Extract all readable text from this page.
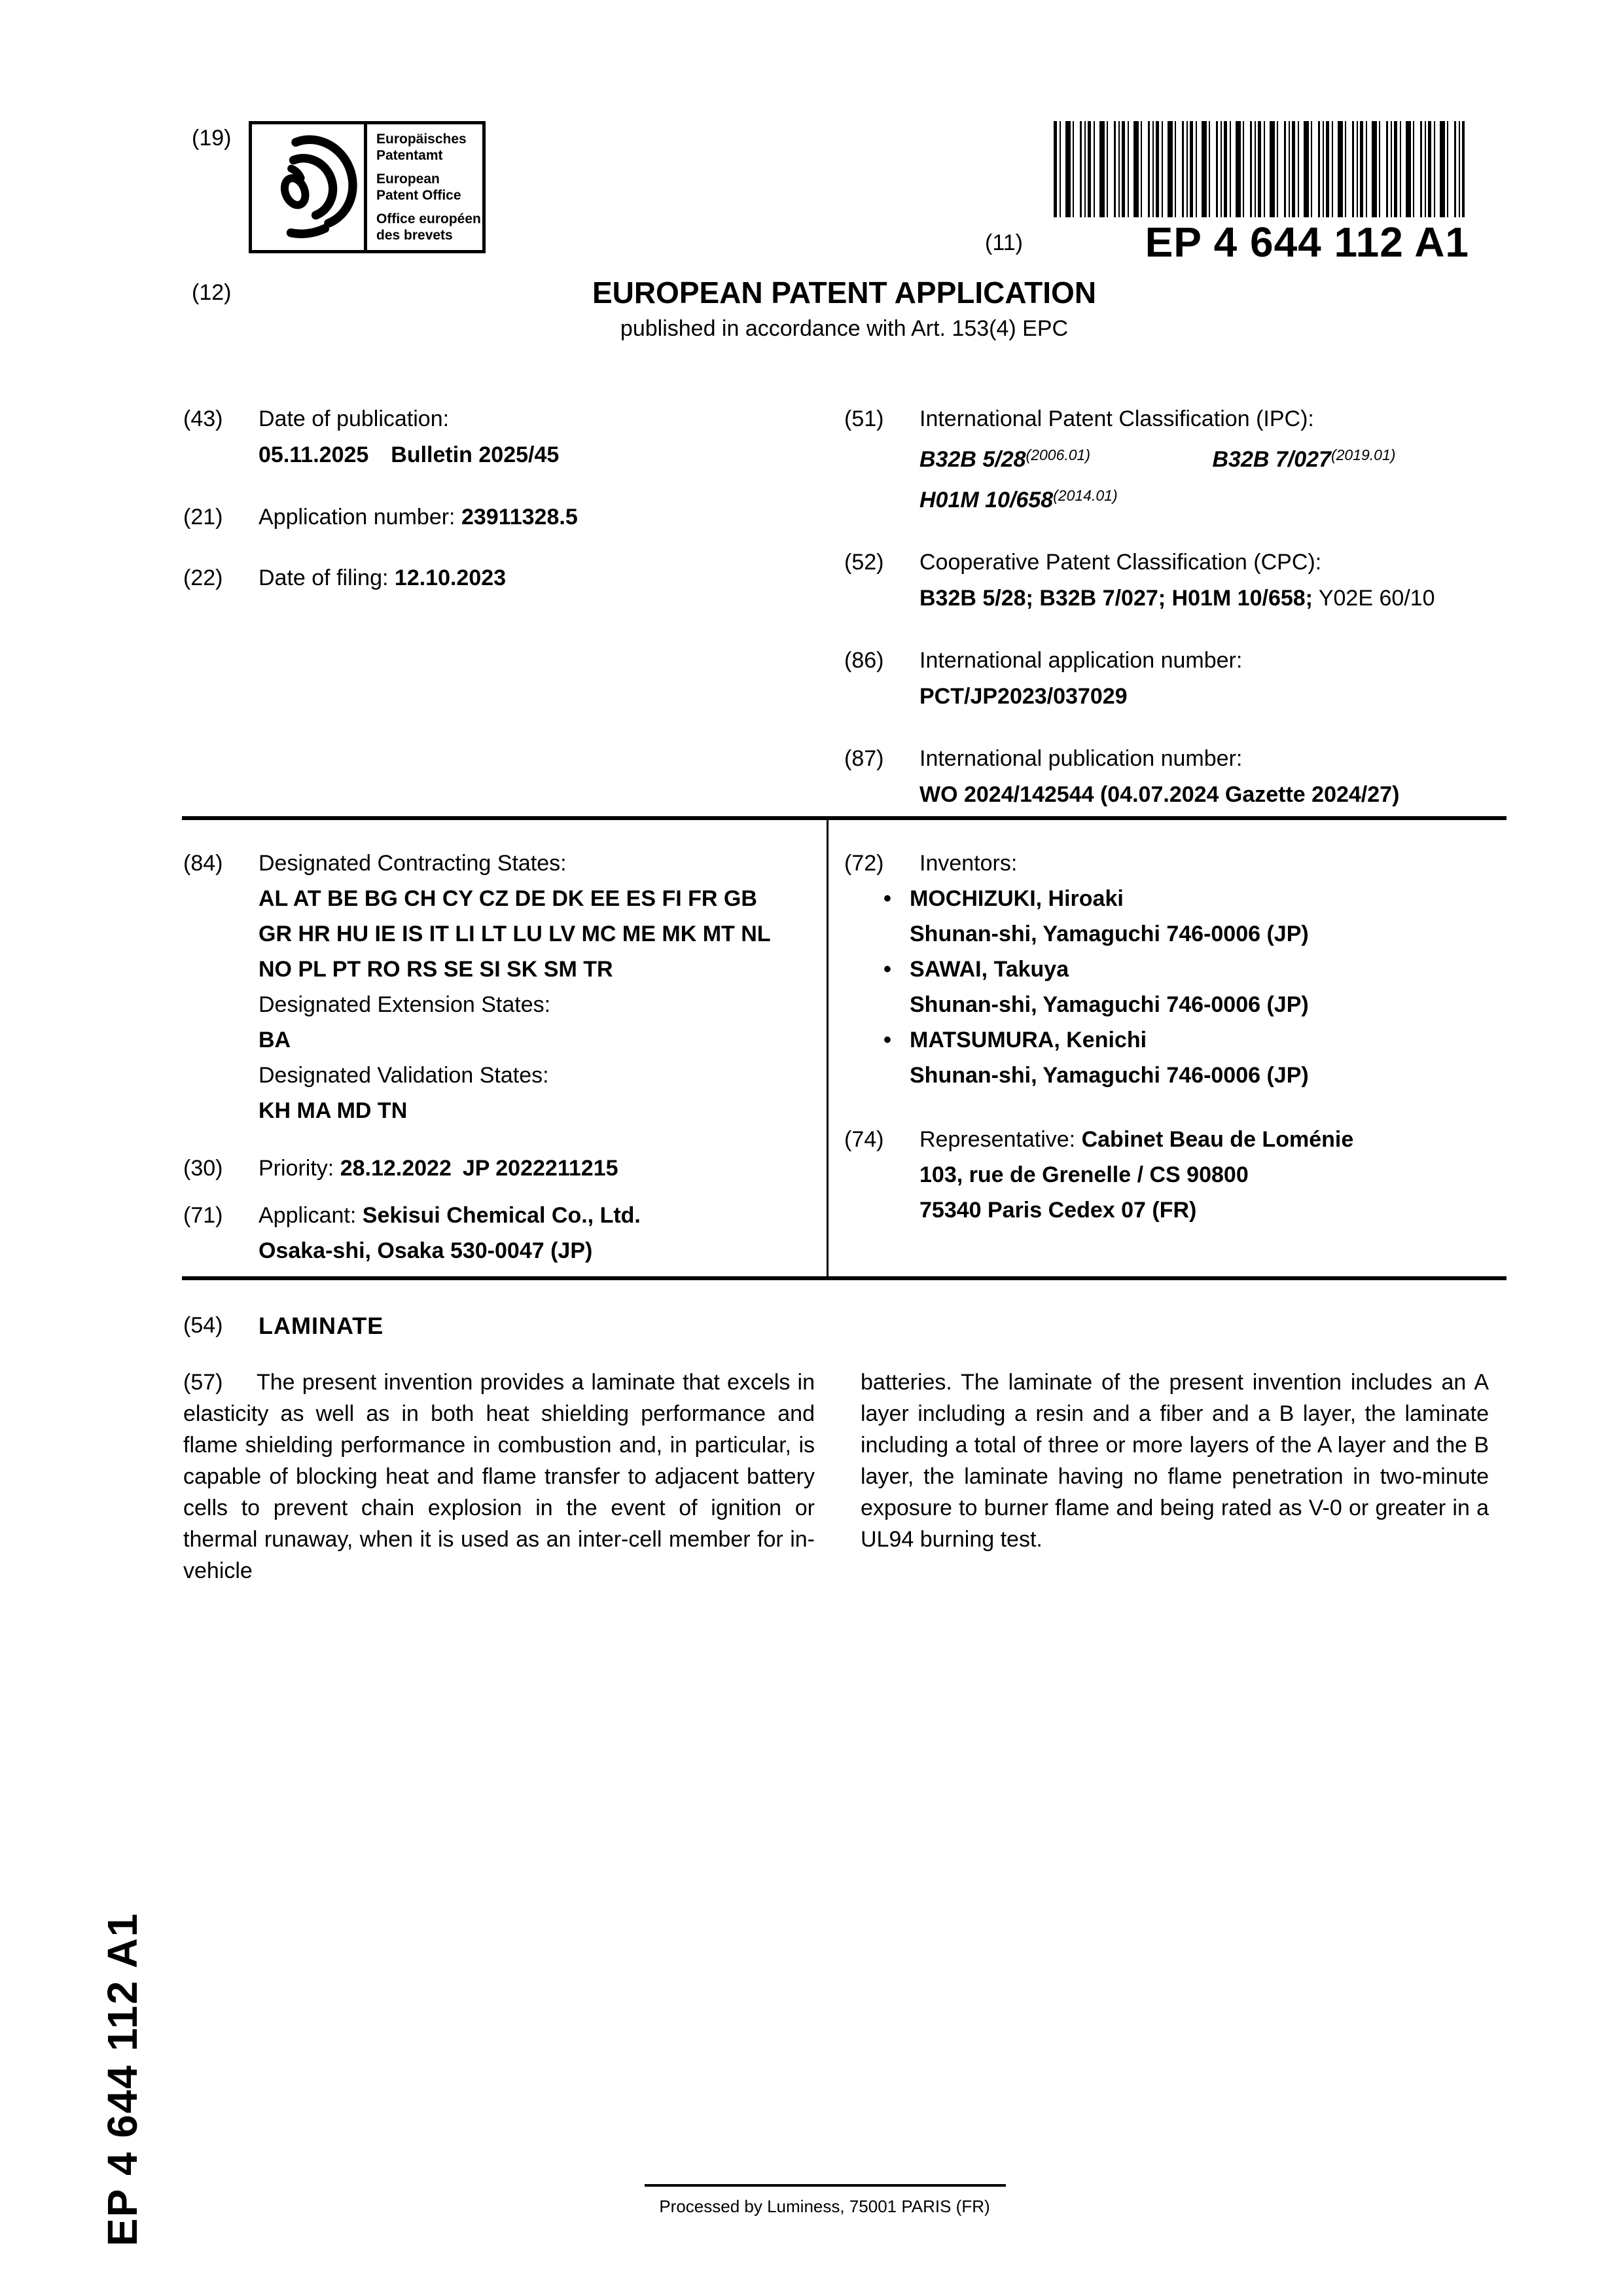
(19)	Europäisches
Patentamt
European
Patent Office
Office européen
des brevets	(11)	EP 4 644 112 A1
(12)	EUROPEAN PATENT APPLICATION
published in accordance with Art. 153(4) EPC
(43) Date of publication:
05.11.2025 Bulletin 2025/45
(21) Application number: 23911328.5
(22) Date of filing: 12.10.2023
(51) International Patent Classification (IPC):
B32B $5/28^{(2006.01)}$	B32B $7/027^{(2019.01)}$
H01M $10/658^{(2014.01)}$
(52) Cooperative Patent Classification (CPC):
B32B 5/28; B32B 7/027; H01M 10/658; Y02E 60/10
(86) International application number:
PCT/JP2023/037029
(87) International publication number:
WO 2024/142544 (04.07.2024 Gazette 2024/27)
(84) Designated Contracting States:
AL AT BE BG CH CY CZ DE DK EE ES FI FR GB
GR HR HU IE IS IT LI LT LU LV MC ME MK MT NL
NO PL PT RO RS SE SI SK SM TR
Designated Extension States:
BA
Designated Validation States:
KH MA MD TN
(30) Priority: 28.12.2022 JP 2022211215
(71) Applicant: Sekisui Chemical Co., Ltd.
Osaka-shi, Osaka 530-0047 (JP)
(72) Inventors:
•
MOCHIZUKI, Hiroaki
Shunan-shi, Yamaguchi 746-0006 (JP)
•
SAWAI, Takuya
Shunan-shi, Yamaguchi 746-0006 (JP)
•
MATSUMURA, Kenichi
Shunan-shi, Yamaguchi 746-0006 (JP)
(74) Representative: Cabinet Beau de Loménie
103, rue de Grenelle / CS 90800
75340 Paris Cedex 07 (FR)
(54) LAMINATE
(57) The present invention provides a laminate that excels in elasticity as well as in both heat shielding performance and flame shielding performance in combustion and, in particular, is capable of blocking heat and flame transfer to adjacent battery cells to prevent chain explosion in the event of ignition or thermal runaway, when it is used as an inter-cell member for in-vehicle
batteries. The laminate of the present invention includes an A layer including a resin and a fiber and a B layer, the laminate including a total of three or more layers of the A layer and the B layer, the laminate having no flame penetration in two-minute exposure to burner flame and being rated as V-0 or greater in a UL94 burning test.
EP 4 644 112 A1	Processed by Luminess, 75001 PARIS (FR)
